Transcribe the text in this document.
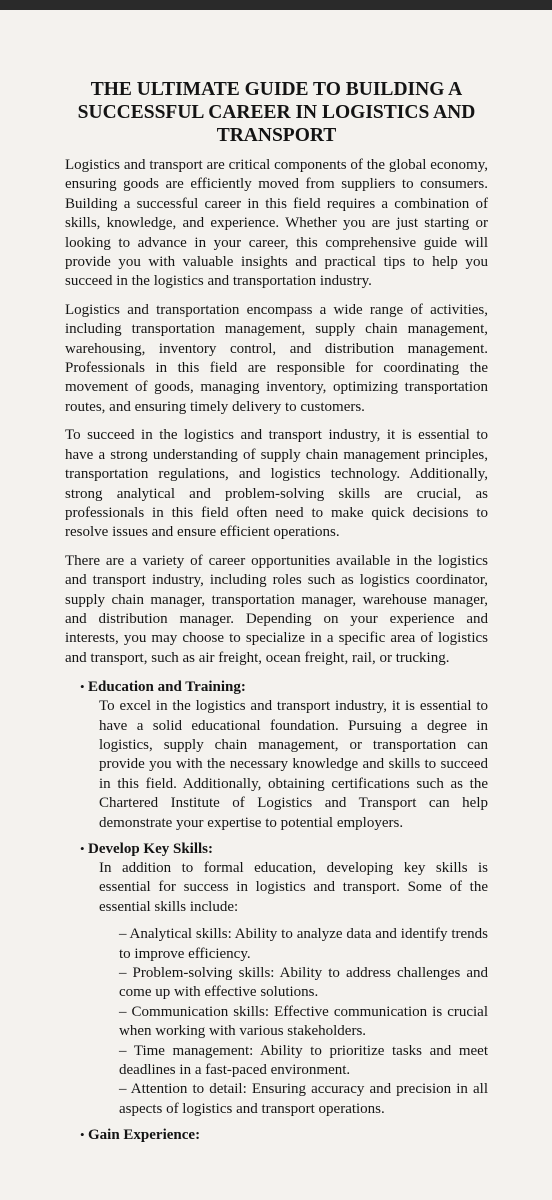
THE ULTIMATE GUIDE TO BUILDING A SUCCESSFUL CAREER IN LOGISTICS AND TRANSPORT

Logistics and transport are critical components of the global economy, ensuring goods are efficiently moved from suppliers to consumers. Building a successful career in this field requires a combination of skills, knowledge, and experience. Whether you are just starting or looking to advance in your career, this comprehensive guide will provide you with valuable insights and practical tips to help you succeed in the logistics and transportation industry.

Logistics and transportation encompass a wide range of activities, including transportation management, supply chain management, warehousing, inventory control, and distribution management. Professionals in this field are responsible for coordinating the movement of goods, managing inventory, optimizing transportation routes, and ensuring timely delivery to customers.

To succeed in the logistics and transport industry, it is essential to have a strong understanding of supply chain management principles, transportation regulations, and logistics technology. Additionally, strong analytical and problem-solving skills are crucial, as professionals in this field often need to make quick decisions to resolve issues and ensure efficient operations.

There are a variety of career opportunities available in the logistics and transport industry, including roles such as logistics coordinator, supply chain manager, transportation manager, warehouse manager, and distribution manager. Depending on your experience and interests, you may choose to specialize in a specific area of logistics and transport, such as air freight, ocean freight, rail, or trucking.

• Education and Training:
To excel in the logistics and transport industry, it is essential to have a solid educational foundation. Pursuing a degree in logistics, supply chain management, or transportation can provide you with the necessary knowledge and skills to succeed in this field. Additionally, obtaining certifications such as the Chartered Institute of Logistics and Transport can help demonstrate your expertise to potential employers.
• Develop Key Skills:
In addition to formal education, developing key skills is essential for success in logistics and transport. Some of the essential skills include:
– Analytical skills: Ability to analyze data and identify trends to improve efficiency.
– Problem-solving skills: Ability to address challenges and come up with effective solutions.
– Communication skills: Effective communication is crucial when working with various stakeholders.
– Time management: Ability to prioritize tasks and meet deadlines in a fast-paced environment.
– Attention to detail: Ensuring accuracy and precision in all aspects of logistics and transport operations.
• Gain Experience:
